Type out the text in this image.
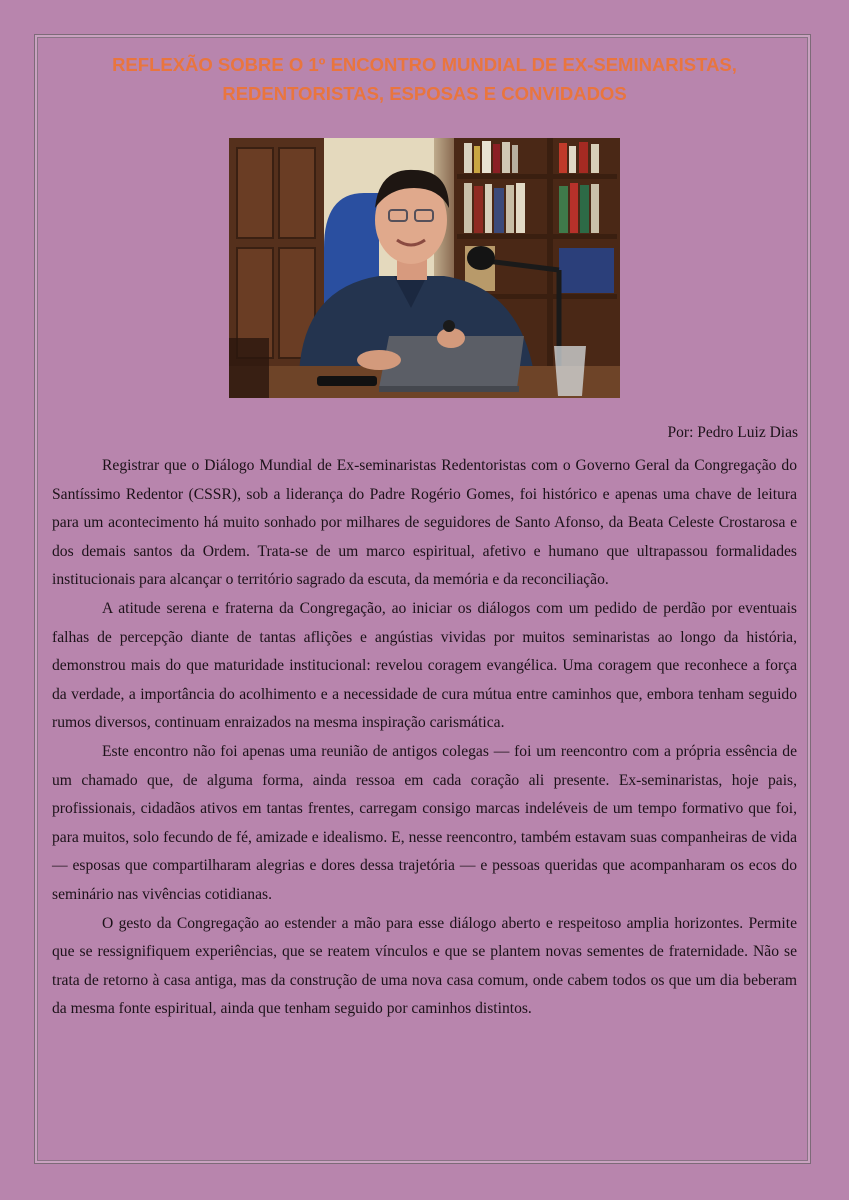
REFLEXÃO SOBRE O 1º ENCONTRO MUNDIAL DE EX-SEMINARISTAS,
REDENTORISTAS, ESPOSAS E CONVIDADOS
Por: Pedro Luiz Dias

Registrar que o Diálogo Mundial de Ex-seminaristas Redentoristas com o Governo Geral da Congregação do Santíssimo Redentor (CSSR), sob a liderança do Padre Rogério Gomes, foi histórico e apenas uma chave de leitura para um acontecimento há muito sonhado por milhares de seguidores de Santo Afonso, da Beata Celeste Crostarosa e dos demais santos da Ordem. Trata-se de um marco espiritual, afetivo e humano que ultrapassou formalidades institucionais para alcançar o território sagrado da escuta, da memória e da reconciliação.

A atitude serena e fraterna da Congregação, ao iniciar os diálogos com um pedido de perdão por eventuais falhas de percepção diante de tantas aflições e angústias vividas por muitos seminaristas ao longo da história, demonstrou mais do que maturidade institucional: revelou coragem evangélica. Uma coragem que reconhece a força da verdade, a importância do acolhimento e a necessidade de cura mútua entre caminhos que, embora tenham seguido rumos diversos, continuam enraizados na mesma inspiração carismática.

Este encontro não foi apenas uma reunião de antigos colegas — foi um reencontro com a própria essência de um chamado que, de alguma forma, ainda ressoa em cada coração ali presente. Ex-seminaristas, hoje pais, profissionais, cidadãos ativos em tantas frentes, carregam consigo marcas indeléveis de um tempo formativo que foi, para muitos, solo fecundo de fé, amizade e idealismo. E, nesse reencontro, também estavam suas companheiras de vida — esposas que compartilharam alegrias e dores dessa trajetória — e pessoas queridas que acompanharam os ecos do seminário nas vivências cotidianas.

O gesto da Congregação ao estender a mão para esse diálogo aberto e respeitoso amplia horizontes. Permite que se ressignifiquem experiências, que se reatem vínculos e que se plantem novas sementes de fraternidade. Não se trata de retorno à casa antiga, mas da construção de uma nova casa comum, onde cabem todos os que um dia beberam da mesma fonte espiritual, ainda que tenham seguido por caminhos distintos.
